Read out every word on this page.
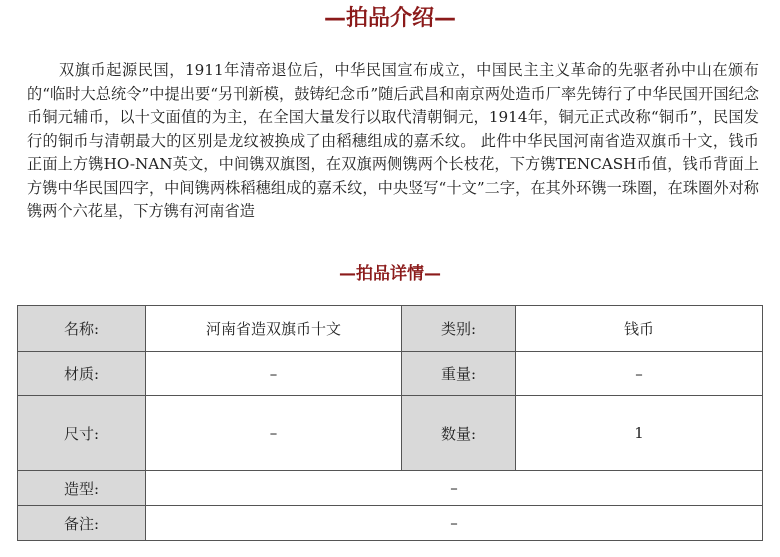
—拍品介绍—

双旗币起源民国，1911年清帝退位后，中华民国宣布成立，中国民主主义革命的先驱者孙中山在颁布的“临时大总统令”中提出要“另刊新模，鼓铸纪念币”随后武昌和南京两处造币厂率先铸行了中华民国开国纪念币铜元辅币，以十文面值的为主，在全国大量发行以取代清朝铜元，1914年，铜元正式改称“铜币”，民国发行的铜币与清朝最大的区别是龙纹被换成了由稻穗组成的嘉禾纹。 此件中华民国河南省造双旗币十文，钱币正面上方镌HO-NAN英文，中间镌双旗图，在双旗两侧镌两个长枝花，下方镌TENCASH币值，钱币背面上方镌中华民国四字，中间镌两株稻穗组成的嘉禾纹，中央竖写“十文”二字，在其外环镌一珠圈，在珠圈外对称镌两个六花星，下方镌有河南省造

—拍品详情—
名称:	河南省造双旗币十文	类别:	钱币
材质:	–	重量:	–
尺寸:	–	数量:	1
造型:	–		
备注:	–		
